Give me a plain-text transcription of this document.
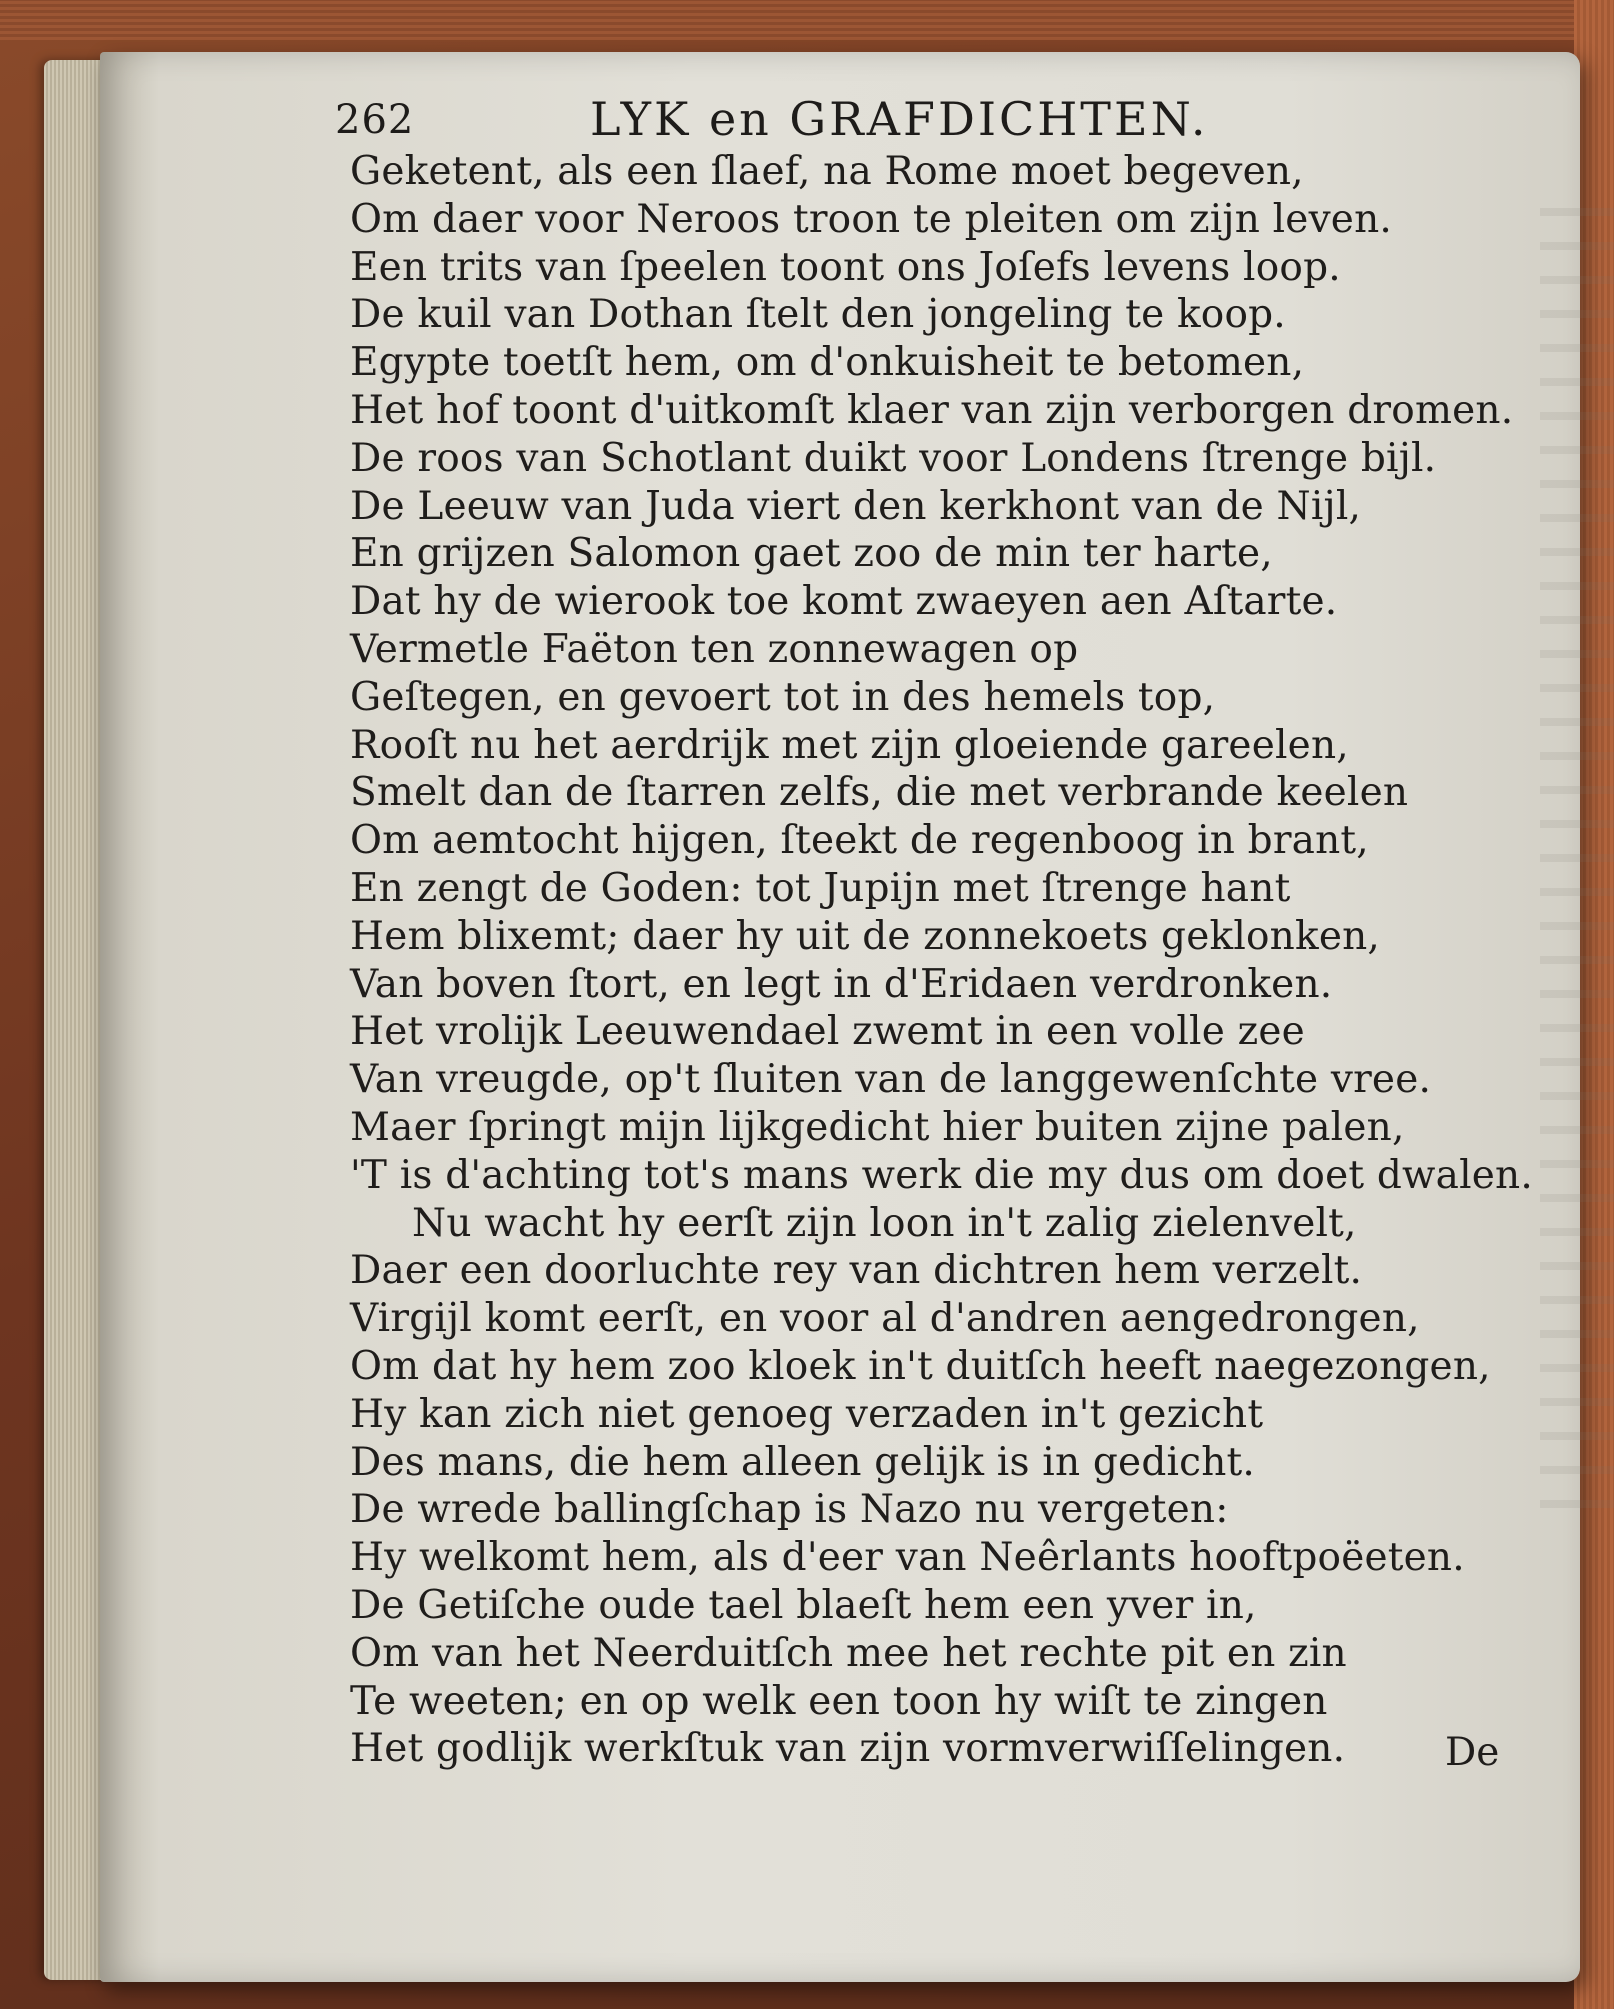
262	LYK en GRAFDICHTEN.
Geketent, als een ſlaef, na Rome moet begeven,
Om daer voor Neroos troon te pleiten om zijn leven.
Een trits van ſpeelen toont ons Joſefs levens loop.
De kuil van Dothan ſtelt den jongeling te koop.
Egypte toetſt hem, om d'onkuisheit te betomen,
Het hof toont d'uitkomſt klaer van zijn verborgen dromen.
De roos van Schotlant duikt voor Londens ſtrenge bijl.
De Leeuw van Juda viert den kerkhont van de Nijl,
En grijzen Salomon gaet zoo de min ter harte,
Dat hy de wierook toe komt zwaeyen aen Aſtarte.
Vermetle Faëton ten zonnewagen op
Geſtegen, en gevoert tot in des hemels top,
Rooſt nu het aerdrijk met zijn gloeiende gareelen,
Smelt dan de ſtarren zelfs, die met verbrande keelen
Om aemtocht hijgen, ſteekt de regenboog in brant,
En zengt de Goden: tot Jupijn met ſtrenge hant
Hem blixemt; daer hy uit de zonnekoets geklonken,
Van boven ſtort, en legt in d'Eridaen verdronken.
Het vrolijk Leeuwendael zwemt in een volle zee
Van vreugde, op't ſluiten van de langgewenſchte vree.
Maer ſpringt mijn lijkgedicht hier buiten zijne palen,
'T is d'achting tot's mans werk die my dus om doet dwalen.
Nu wacht hy eerſt zijn loon in't zalig zielenvelt,
Daer een doorluchte rey van dichtren hem verzelt.
Virgijl komt eerſt, en voor al d'andren aengedrongen,
Om dat hy hem zoo kloek in't duitſch heeft naegezongen,
Hy kan zich niet genoeg verzaden in't gezicht
Des mans, die hem alleen gelijk is in gedicht.
De wrede ballingſchap is Nazo nu vergeten:
Hy welkomt hem, als d'eer van Neêrlants hooftpoëeten.
De Getiſche oude tael blaeſt hem een yver in,
Om van het Neerduitſch mee het rechte pit en zin
Te weeten; en op welk een toon hy wiſt te zingen
Het godlijk werkſtuk van zijn vormverwiſſelingen.	De
